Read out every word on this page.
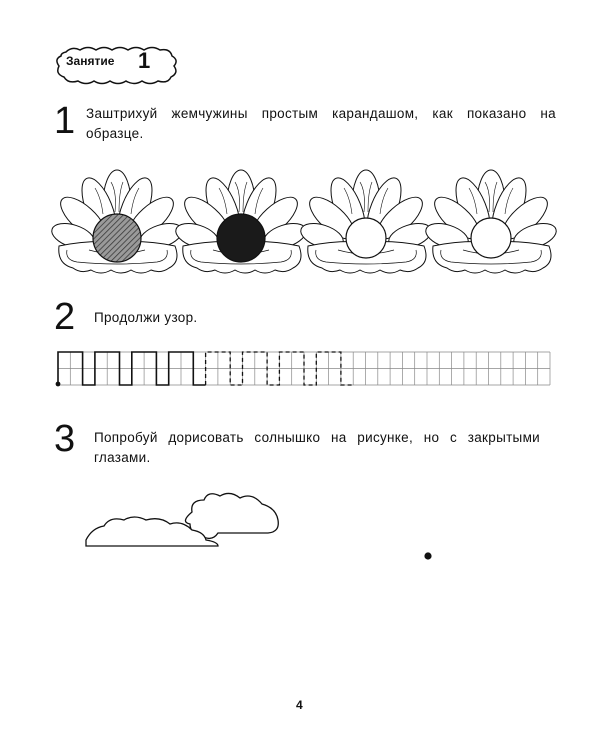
Занятие 1
1 Заштрихуй жемчужины простым карандашом, как показано на образце.
2 Продолжи узор.
3 Попробуй дорисовать солнышко на рисунке, но с закрытыми глазами.
4
